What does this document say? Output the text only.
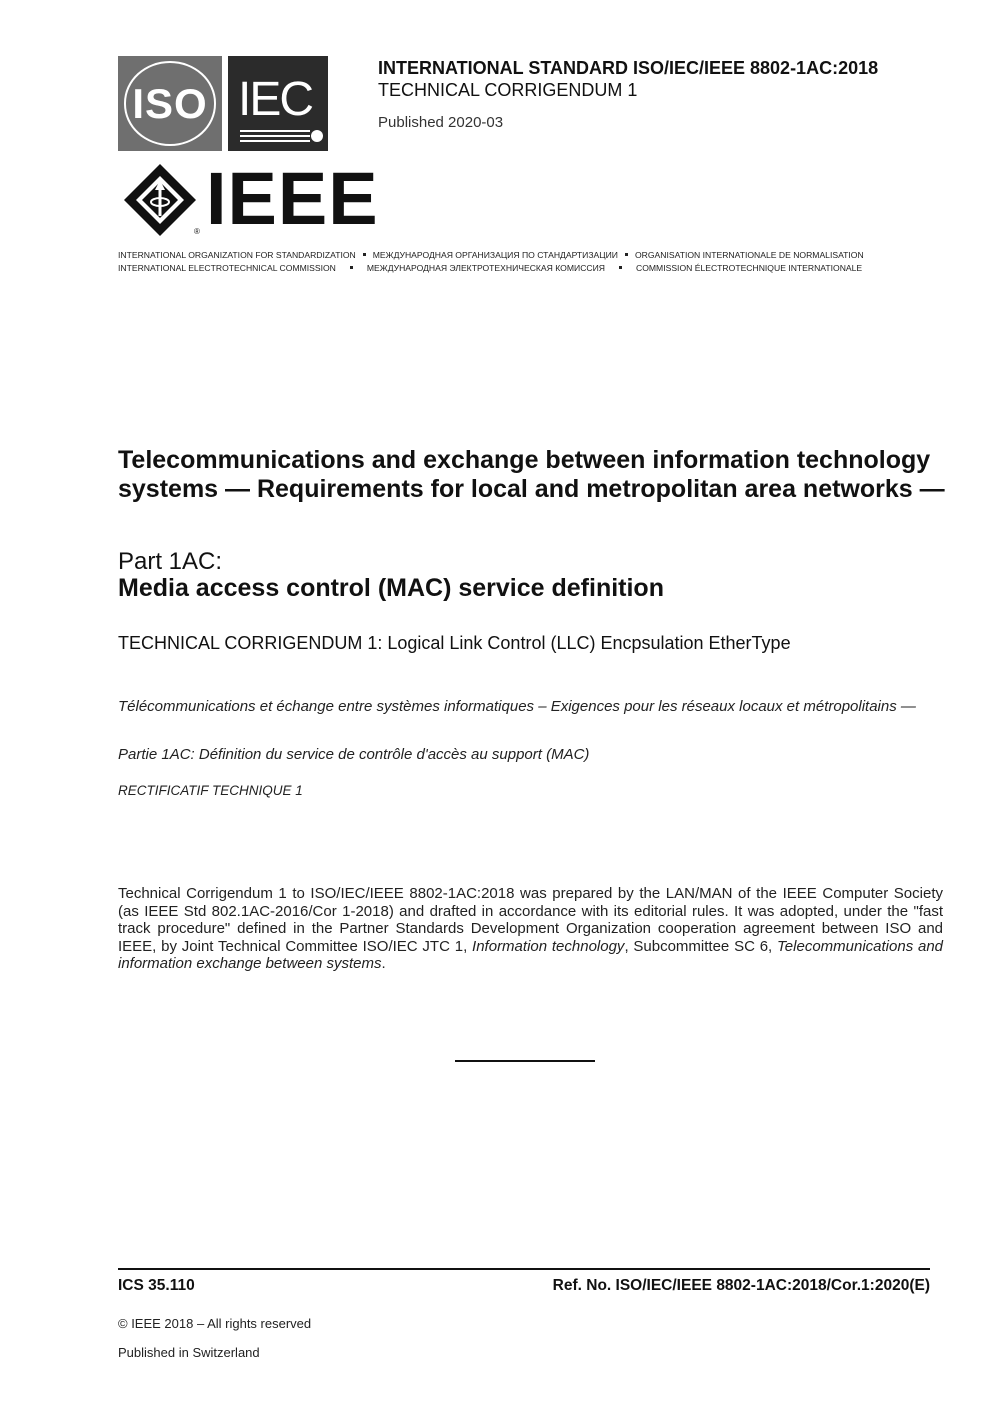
ISO IEC
® IEEE
INTERNATIONAL STANDARD ISO/IEC/IEEE 8802-1AC:2018
TECHNICAL CORRIGENDUM 1
Published 2020-03
INTERNATIONAL ORGANIZATION FOR STANDARDIZATION МЕЖДУНАРОДНАЯ ОРГАНИЗАЦИЯ ПО СТАНДАРТИЗАЦИИ ORGANISATION INTERNATIONALE DE NORMALISATION
INTERNATIONAL ELECTROTECHNICAL COMMISSION	МЕЖДУНАРОДНАЯ ЭЛЕКТРОТЕХНИЧЕСКАЯ КОМИССИЯ	COMMISSION ÉLECTROTECHNIQUE INTERNATIONALE
Telecommunications and exchange between information technology systems — Requirements for local and metropolitan area networks —
Part 1AC:
Media access control (MAC) service definition
TECHNICAL CORRIGENDUM 1: Logical Link Control (LLC) Encpsulation EtherType
Télécommunications et échange entre systèmes informatiques – Exigences pour les réseaux locaux et métropolitains —
Partie 1AC: Définition du service de contrôle d'accès au support (MAC)
RECTIFICATIF TECHNIQUE 1
Technical Corrigendum 1 to ISO/IEC/IEEE 8802-1AC:2018 was prepared by the LAN/MAN of the IEEE Computer Society (as IEEE Std 802.1AC-2016/Cor 1-2018) and drafted in accordance with its editorial rules. It was adopted, under the "fast track procedure" defined in the Partner Standards Development Organization cooperation agreement between ISO and IEEE, by Joint Technical Committee ISO/IEC JTC 1, Information technology, Subcommittee SC 6, Telecommunications and information exchange between systems.
ICS 35.110	Ref. No. ISO/IEC/IEEE 8802-1AC:2018/Cor.1:2020(E)
© IEEE 2018 – All rights reserved
Published in Switzerland
